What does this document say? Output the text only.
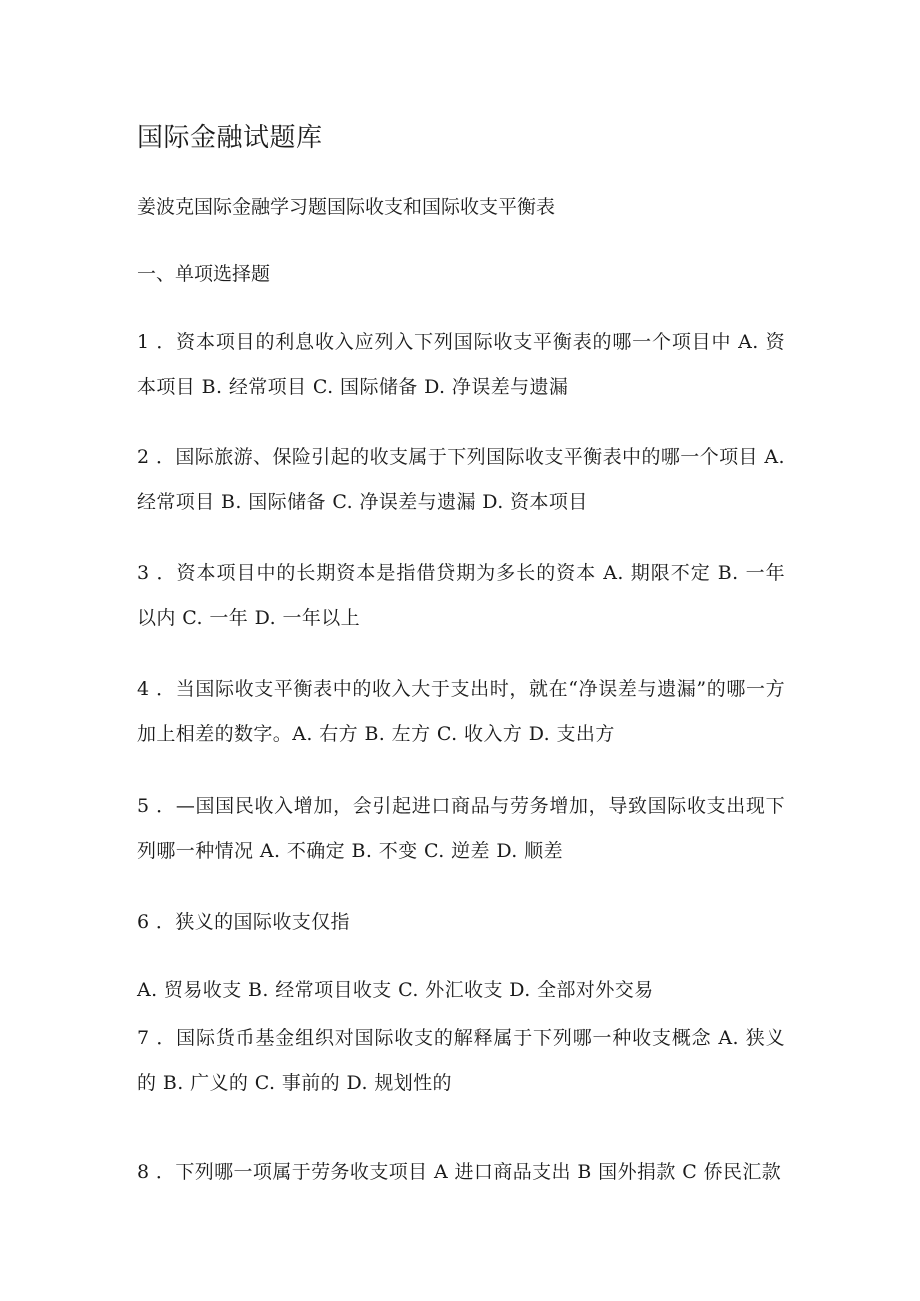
国际金融试题库
姜波克国际金融学习题国际收支和国际收支平衡表
一、单项选择题
1 ．资本项目的利息收入应列入下列国际收支平衡表的哪一个项目中 A. 资本项目 B. 经常项目 C. 国际储备 D. 净误差与遗漏
2 ．国际旅游、保险引起的收支属于下列国际收支平衡表中的哪一个项目 A. 经常项目 B. 国际储备 C. 净误差与遗漏 D. 资本项目
3 ．资本项目中的长期资本是指借贷期为多长的资本 A. 期限不定 B. 一年以内 C. 一年 D. 一年以上
4 ．当国际收支平衡表中的收入大于支出时，就在“净误差与遗漏”的哪一方加上相差的数字。A. 右方 B. 左方 C. 收入方 D. 支出方
5 ．—国国民收入增加，会引起进口商品与劳务增加，导致国际收支出现下列哪一种情况 A. 不确定 B. 不变 C. 逆差 D. 顺差
6 ．狭义的国际收支仅指
A. 贸易收支 B. 经常项目收支 C. 外汇收支 D. 全部对外交易
7 ．国际货币基金组织对国际收支的解释属于下列哪一种收支概念 A. 狭义的 B. 广义的 C. 事前的 D. 规划性的
8 ．下列哪一项属于劳务收支项目 A 进口商品支出 B 国外捐款 C 侨民汇款
